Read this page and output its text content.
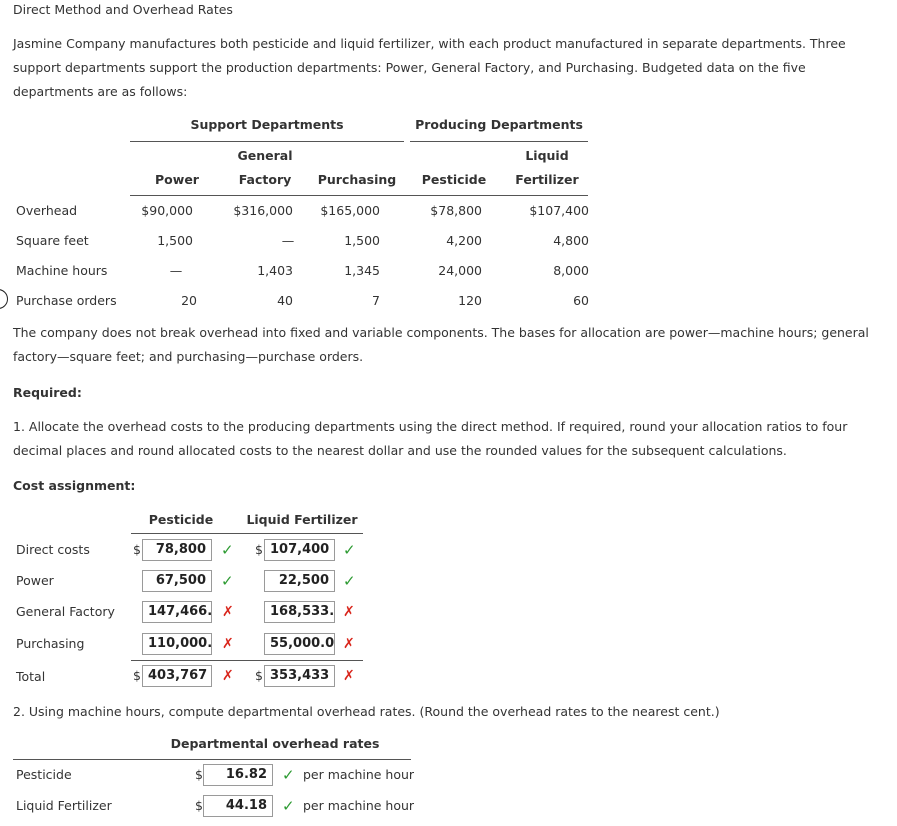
Direct Method and Overhead Rates
Jasmine Company manufactures both pesticide and liquid fertilizer, with each product manufactured in separate departments. Three support departments support the production departments: Power, General Factory, and Purchasing. Budgeted data on the five departments are as follows:
Support Departments	Producing Departments
General	Liquid
Power	Factory	Purchasing	Pesticide	Fertilizer
Overhead	$90,000	$316,000	$165,000	$78,800	$107,400
Square feet	1,500	—	1,500	4,200	4,800
Machine hours	—	1,403	1,345	24,000	8,000
Purchase orders	20	40	7	120	60
The company does not break overhead into fixed and variable components. The bases for allocation are power—machine hours; general factory—square feet; and purchasing—purchase orders.
Required:
1. Allocate the overhead costs to the producing departments using the direct method. If required, round your allocation ratios to four decimal places and round allocated costs to the nearest dollar and use the rounded values for the subsequent calculations.
Cost assignment:
Pesticide	Liquid Fertilizer
Direct costs	$	78,800	✓ $ 107,400 ✓
Power	67,500	✓	22,500 ✓
General Factory	147,466. ✗	168,533. ✗
Purchasing	110,000. ✗	55,000.0 ✗
Total	$ 403,767	✗ $ 353,433 ✗
2. Using machine hours, compute departmental overhead rates. (Round the overhead rates to the nearest cent.)
Departmental overhead rates
Pesticide	$	16.82	✓ per machine hour
Liquid Fertilizer	$	44.18	✓ per machine hour
